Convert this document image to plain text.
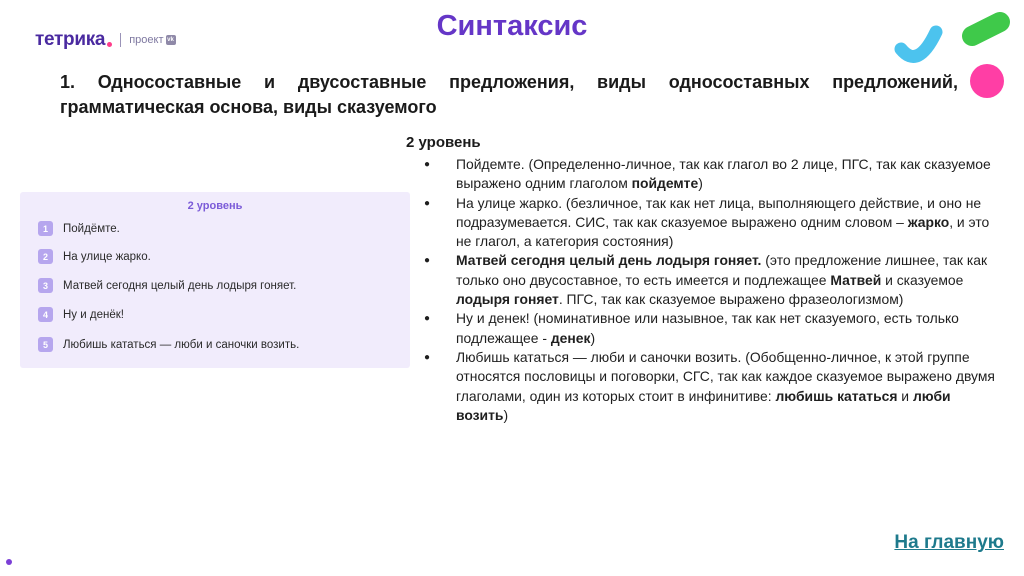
тетрика проект vk	Синтаксис
1. Односоставные и двусоставные предложения, виды односоставных предложений, грамматическая основа, виды сказуемого
2 уровень
1	Пойдёмте.
2	На улице жарко.
3	Матвей сегодня целый день лодыря гоняет.
4	Ну и денёк!
5	Любишь кататься — люби и саночки возить.
2 уровень
● Пойдемте. (Определенно-личное, так как глагол во 2 лице, ПГС, так как сказуемое выражено одним глаголом пойдемте)
● На улице жарко. (безличное, так как нет лица, выполняющего действие, и оно не подразумевается. СИС, так как сказуемое выражено одним словом – жарко, и это не глагол, а категория состояния)
● Матвей сегодня целый день лодыря гоняет. (это предложение лишнее, так как только оно двусоставное, то есть имеется и подлежащее Матвей и сказуемое лодыря гоняет. ПГС, так как сказуемое выражено фразеологизмом)
● Ну и денек! (номинативное или назывное, так как нет сказуемого, есть только подлежащее - денек)
● Любишь кататься — люби и саночки возить. (Обобщенно-личное, к этой группе относятся пословицы и поговорки, СГС, так как каждое сказуемое выражено двумя глаголами, один из которых стоит в инфинитиве: любишь кататься и люби возить)
На главную
